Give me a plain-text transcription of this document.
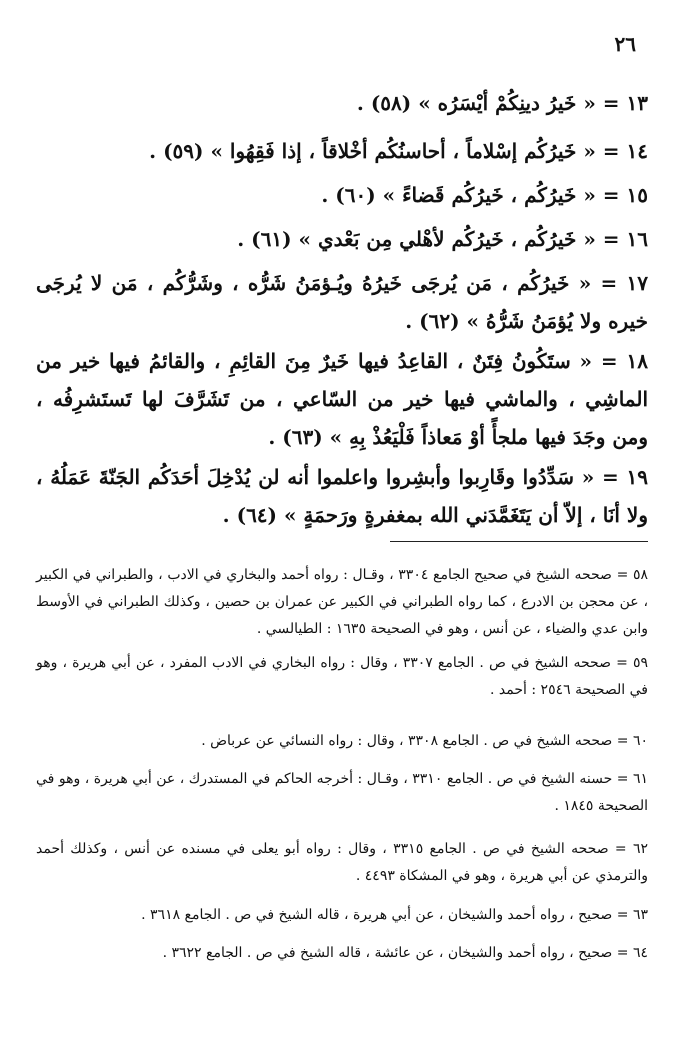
٢٦

١٣ = « خَيرُ دينِكُمْ أيْسَرُه » (٥٨) .

١٤ = « خَيرُكُم إسْلاماً ، أحاسنُكُم أخْلاقاً ، إذا فَقِهُوا » (٥٩) .

١٥ = « خَيرُكُم ، خَيرُكُم قَضاءً » (٦٠) .

١٦ = « خَيرُكُم ، خَيرُكُم لأهْلي مِن بَعْدي » (٦١) .

١٧ = « خَيرُكُم ، مَن يُرجَى خَيرُهُ ويُـؤمَنُ شَرُّه ، وشَرُّكُم ، مَن لا يُرجَى خيره ولا يُؤمَنُ شَرُّهُ » (٦٢) .

١٨ = « ستَكُونُ فِتَنٌ ، القاعِدُ فيها خَيرٌ مِنَ القائِمِ ، والقائمُ فيها خير من الماشِي ، والماشي فيها خير من السّاعي ، من تَشَرَّفَ لها تَستَشرِفُه ، ومن وجَدَ فيها ملجأً أوْ مَعاذاً فَلْيَعُذْ بِهِ » (٦٣) .

١٩ = « سَدِّدُوا وقَارِبوا وأبشِروا واعلموا أنه لن يُدْخِلَ أحَدَكُم الجَنّةَ عَمَلُهُ ، ولا أنَا ، إلاّ أن يَتَغَمَّدَني الله بمغفرةٍ ورَحمَةٍ » (٦٤) .

٥٨ = صححه الشيخ في صحيح الجامع ٣٣٠٤ ، وقـال : رواه أحمد والبخاري في الادب ، والطبراني في الكبير ، عن محجن بن الادرع ، كما رواه الطبراني في الكبير عن عمران بن حصين ، وكذلك الطبراني في الأوسط وابن عدي والضياء ، عن أنس ، وهو في الصحيحة ١٦٣٥ : الطيالسي .

٥٩ = صححه الشيخ في ص . الجامع ٣٣٠٧ ، وقال : رواه البخاري في الادب المفرد ، عن أبي هريرة ، وهو في الصحيحة ٢٥٤٦ : أحمد .

٦٠ = صححه الشيخ في ص . الجامع ٣٣٠٨ ، وقال : رواه النسائي عن عرباض .

٦١ = حسنه الشيخ في ص . الجامع ٣٣١٠ ، وقـال : أخرجه الحاكم في المستدرك ، عن أبي هريرة ، وهو في الصحيحة ١٨٤٥ .

٦٢ = صححه الشيخ في ص . الجامع ٣٣١٥ ، وقال : رواه أبو يعلى في مسنده عن أنس ، وكذلك أحمد والترمذي عن أبي هريرة ، وهو في المشكاة ٤٤٩٣ .

٦٣ = صحيح ، رواه أحمد والشيخان ، عن أبي هريرة ، قاله الشيخ في ص . الجامع ٣٦١٨ .

٦٤ = صحيح ، رواه أحمد والشيخان ، عن عائشة ، قاله الشيخ في ص . الجامع ٣٦٢٢ .
